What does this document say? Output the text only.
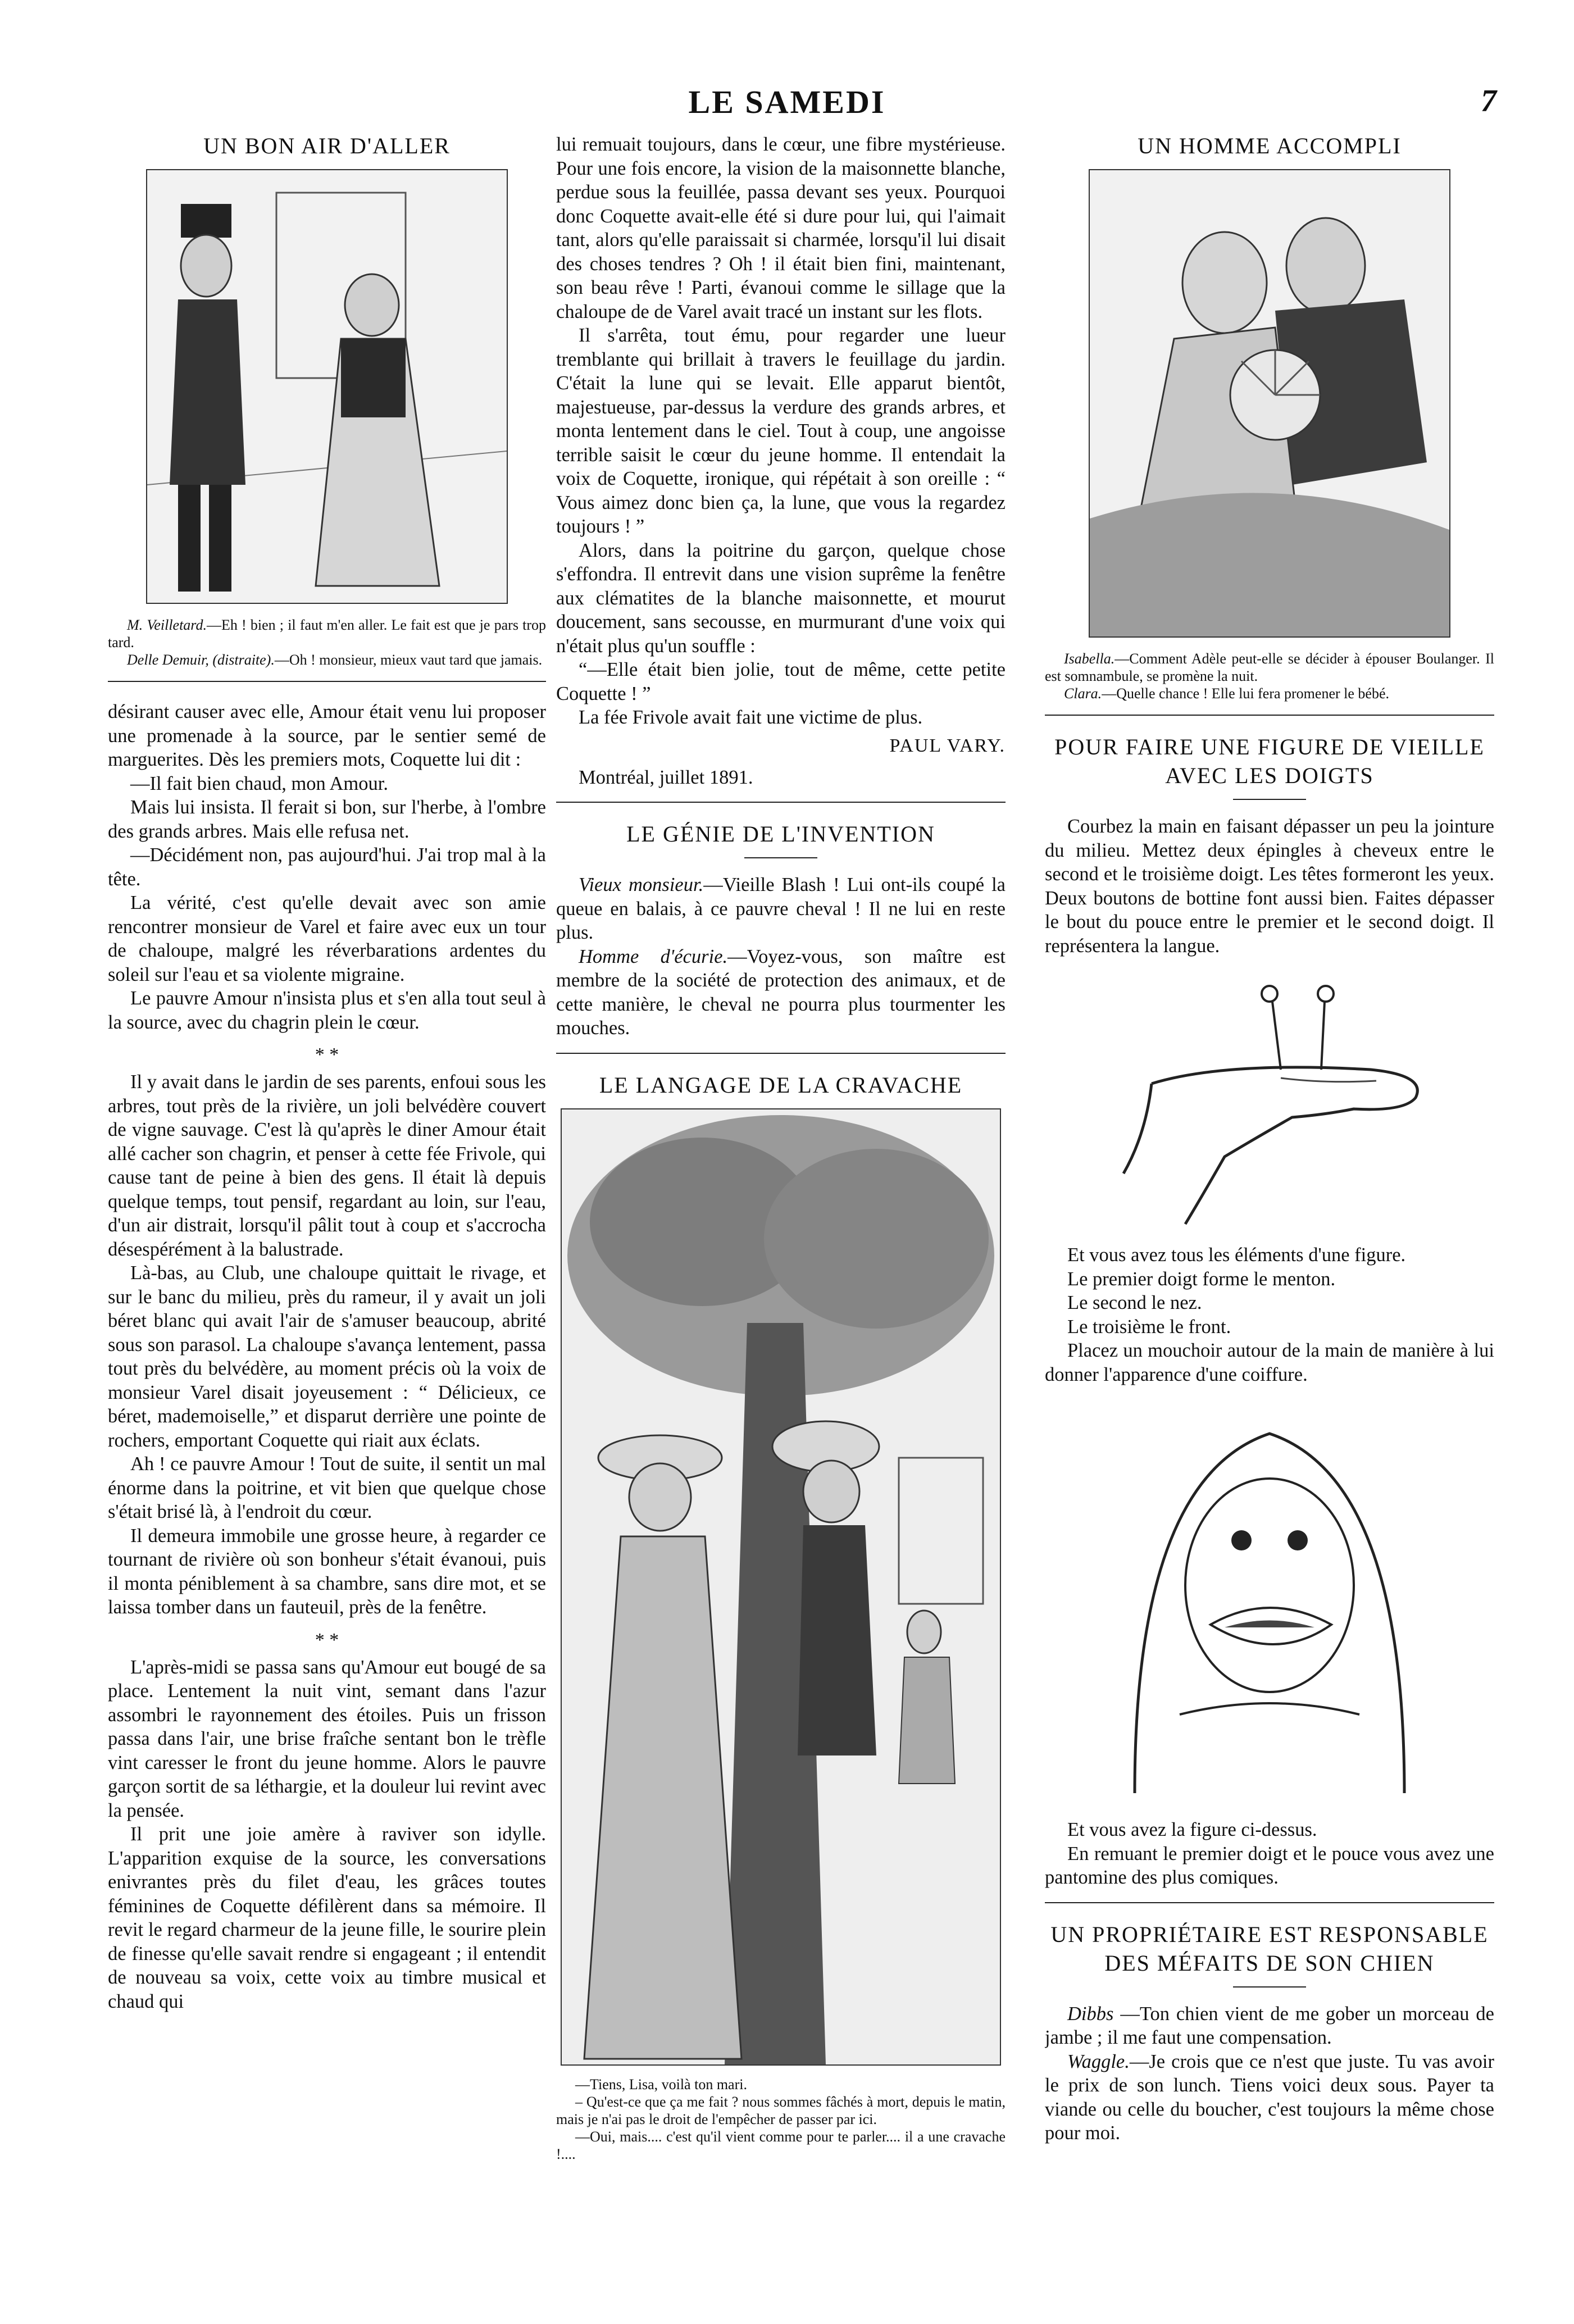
LE SAMEDI	7
UN BON AIR D'ALLER

M. Veilletard.—Eh ! bien ; il faut m'en aller. Le fait est que je pars trop tard.

Delle Demuir, (distraite).—Oh ! monsieur, mieux vaut tard que jamais.

désirant causer avec elle, Amour était venu lui proposer une promenade à la source, par le sentier semé de marguerites. Dès les premiers mots, Coquette lui dit :

—Il fait bien chaud, mon Amour.

Mais lui insista. Il ferait si bon, sur l'herbe, à l'ombre des grands arbres. Mais elle refusa net.

—Décidément non, pas aujourd'hui. J'ai trop mal à la tête.

La vérité, c'est qu'elle devait avec son amie rencontrer monsieur de Varel et faire avec eux un tour de chaloupe, malgré les réverbarations ardentes du soleil sur l'eau et sa violente migraine.

Le pauvre Amour n'insista plus et s'en alla tout seul à la source, avec du chagrin plein le cœur.

* *

Il y avait dans le jardin de ses parents, enfoui sous les arbres, tout près de la rivière, un joli belvédère couvert de vigne sauvage. C'est là qu'après le diner Amour était allé cacher son chagrin, et penser à cette fée Frivole, qui cause tant de peine à bien des gens. Il était là depuis quelque temps, tout pensif, regardant au loin, sur l'eau, d'un air distrait, lorsqu'il pâlit tout à coup et s'accrocha désespérément à la balustrade.

Là-bas, au Club, une chaloupe quittait le rivage, et sur le banc du milieu, près du rameur, il y avait un joli béret blanc qui avait l'air de s'amuser beaucoup, abrité sous son parasol. La chaloupe s'avança lentement, passa tout près du belvédère, au moment précis où la voix de monsieur Varel disait joyeusement : “ Délicieux, ce béret, mademoiselle,” et disparut derrière une pointe de rochers, emportant Coquette qui riait aux éclats.

Ah ! ce pauvre Amour ! Tout de suite, il sentit un mal énorme dans la poitrine, et vit bien que quelque chose s'était brisé là, à l'endroit du cœur.

Il demeura immobile une grosse heure, à regarder ce tournant de rivière où son bonheur s'était évanoui, puis il monta péniblement à sa chambre, sans dire mot, et se laissa tomber dans un fauteuil, près de la fenêtre.

* *

L'après-midi se passa sans qu'Amour eut bougé de sa place. Lentement la nuit vint, semant dans l'azur assombri le rayonnement des étoiles. Puis un frisson passa dans l'air, une brise fraîche sentant bon le trèfle vint caresser le front du jeune homme. Alors le pauvre garçon sortit de sa léthargie, et la douleur lui revint avec la pensée.

Il prit une joie amère à raviver son idylle. L'apparition exquise de la source, les conversations enivrantes près du filet d'eau, les grâces toutes féminines de Coquette défilèrent dans sa mémoire. Il revit le regard charmeur de la jeune fille, le sourire plein de finesse qu'elle savait rendre si engageant ; il entendit de nouveau sa voix, cette voix au timbre musical et chaud qui

lui remuait toujours, dans le cœur, une fibre mystérieuse. Pour une fois encore, la vision de la maisonnette blanche, perdue sous la feuillée, passa devant ses yeux. Pourquoi donc Coquette avait-elle été si dure pour lui, qui l'aimait tant, alors qu'elle paraissait si charmée, lorsqu'il lui disait des choses tendres ? Oh ! il était bien fini, maintenant, son beau rêve ! Parti, évanoui comme le sillage que la chaloupe de de Varel avait tracé un instant sur les flots.

Il s'arrêta, tout ému, pour regarder une lueur tremblante qui brillait à travers le feuillage du jardin. C'était la lune qui se levait. Elle apparut bientôt, majestueuse, par-dessus la verdure des grands arbres, et monta lentement dans le ciel. Tout à coup, une angoisse terrible saisit le cœur du jeune homme. Il entendait la voix de Coquette, ironique, qui répétait à son oreille : “ Vous aimez donc bien ça, la lune, que vous la regardez toujours ! ”

Alors, dans la poitrine du garçon, quelque chose s'effondra. Il entrevit dans une vision suprême la fenêtre aux clématites de la blanche maisonnette, et mourut doucement, sans secousse, en murmurant d'une voix qui n'était plus qu'un souffle :

“—Elle était bien jolie, tout de même, cette petite Coquette ! ”

La fée Frivole avait fait une victime de plus.

PAUL VARY.

Montréal, juillet 1891.

LE GÉNIE DE L'INVENTION

Vieux monsieur.—Vieille Blash ! Lui ont-ils coupé la queue en balais, à ce pauvre cheval ! Il ne lui en reste plus.

Homme d'écurie.—Voyez-vous, son maître est membre de la société de protection des animaux, et de cette manière, le cheval ne pourra plus tourmenter les mouches.

LE LANGAGE DE LA CRAVACHE

—Tiens, Lisa, voilà ton mari.

– Qu'est-ce que ça me fait ? nous sommes fâchés à mort, depuis le matin, mais je n'ai pas le droit de l'empêcher de passer par ici.

—Oui, mais.... c'est qu'il vient comme pour te parler.... il a une cravache !....

UN HOMME ACCOMPLI

Isabella.—Comment Adèle peut-elle se décider à épouser Boulanger. Il est somnambule, se promène la nuit.

Clara.—Quelle chance ! Elle lui fera promener le bébé.

POUR FAIRE UNE FIGURE DE VIEILLE
AVEC LES DOIGTS

Courbez la main en faisant dépasser un peu la jointure du milieu. Mettez deux épingles à cheveux entre le second et le troisième doigt. Les têtes formeront les yeux. Deux boutons de bottine font aussi bien. Faites dépasser le bout du pouce entre le premier et le second doigt. Il représentera la langue.

Et vous avez tous les éléments d'une figure.

Le premier doigt forme le menton.

Le second le nez.

Le troisième le front.

Placez un mouchoir autour de la main de manière à lui donner l'apparence d'une coiffure.

Et vous avez la figure ci-dessus.

En remuant le premier doigt et le pouce vous avez une pantomine des plus comiques.

UN PROPRIÉTAIRE EST RESPONSABLE
DES MÉFAITS DE SON CHIEN

Dibbs —Ton chien vient de me gober un morceau de jambe ; il me faut une compensation.

Waggle.—Je crois que ce n'est que juste. Tu vas avoir le prix de son lunch. Tiens voici deux sous. Payer ta viande ou celle du boucher, c'est toujours la même chose pour moi.
